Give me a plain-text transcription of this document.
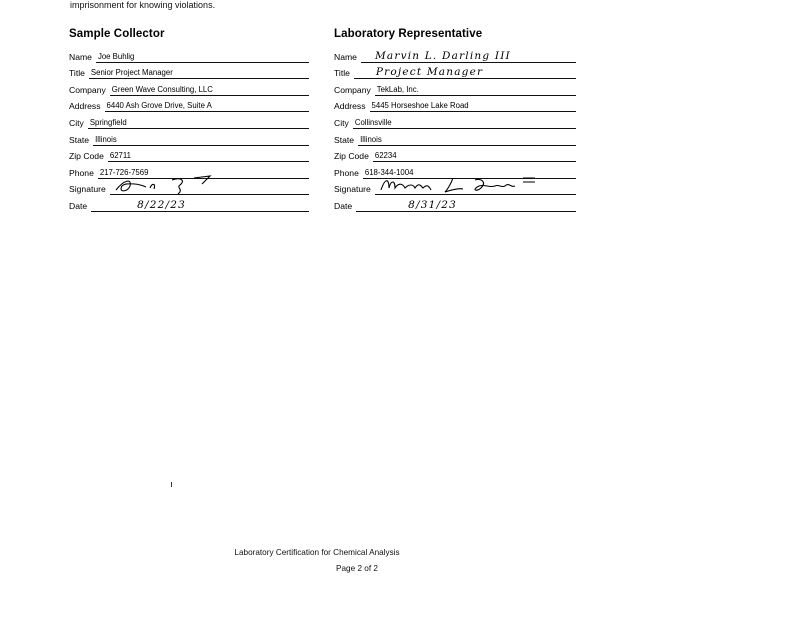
imprisonment for knowing violations.
Sample Collector
Name Joe Buhlig
Title Senior Project Manager
Company Green Wave Consulting, LLC
Address 6440 Ash Grove Drive, Suite A
City Springfield
State Illinois
Zip Code 62711
Phone 217-726-7569
Signature
Date	8/22/23
Laboratory Representative
Name	Marvin L. Darling III
Title	Project Manager
Company TekLab, Inc.
Address 5445 Horseshoe Lake Road
City Collinsville
State Illinois
Zip Code 62234
Phone 618-344-1004
Signature
Date	8/31/23
Laboratory Certification for Chemical Analysis
Page 2 of 2
